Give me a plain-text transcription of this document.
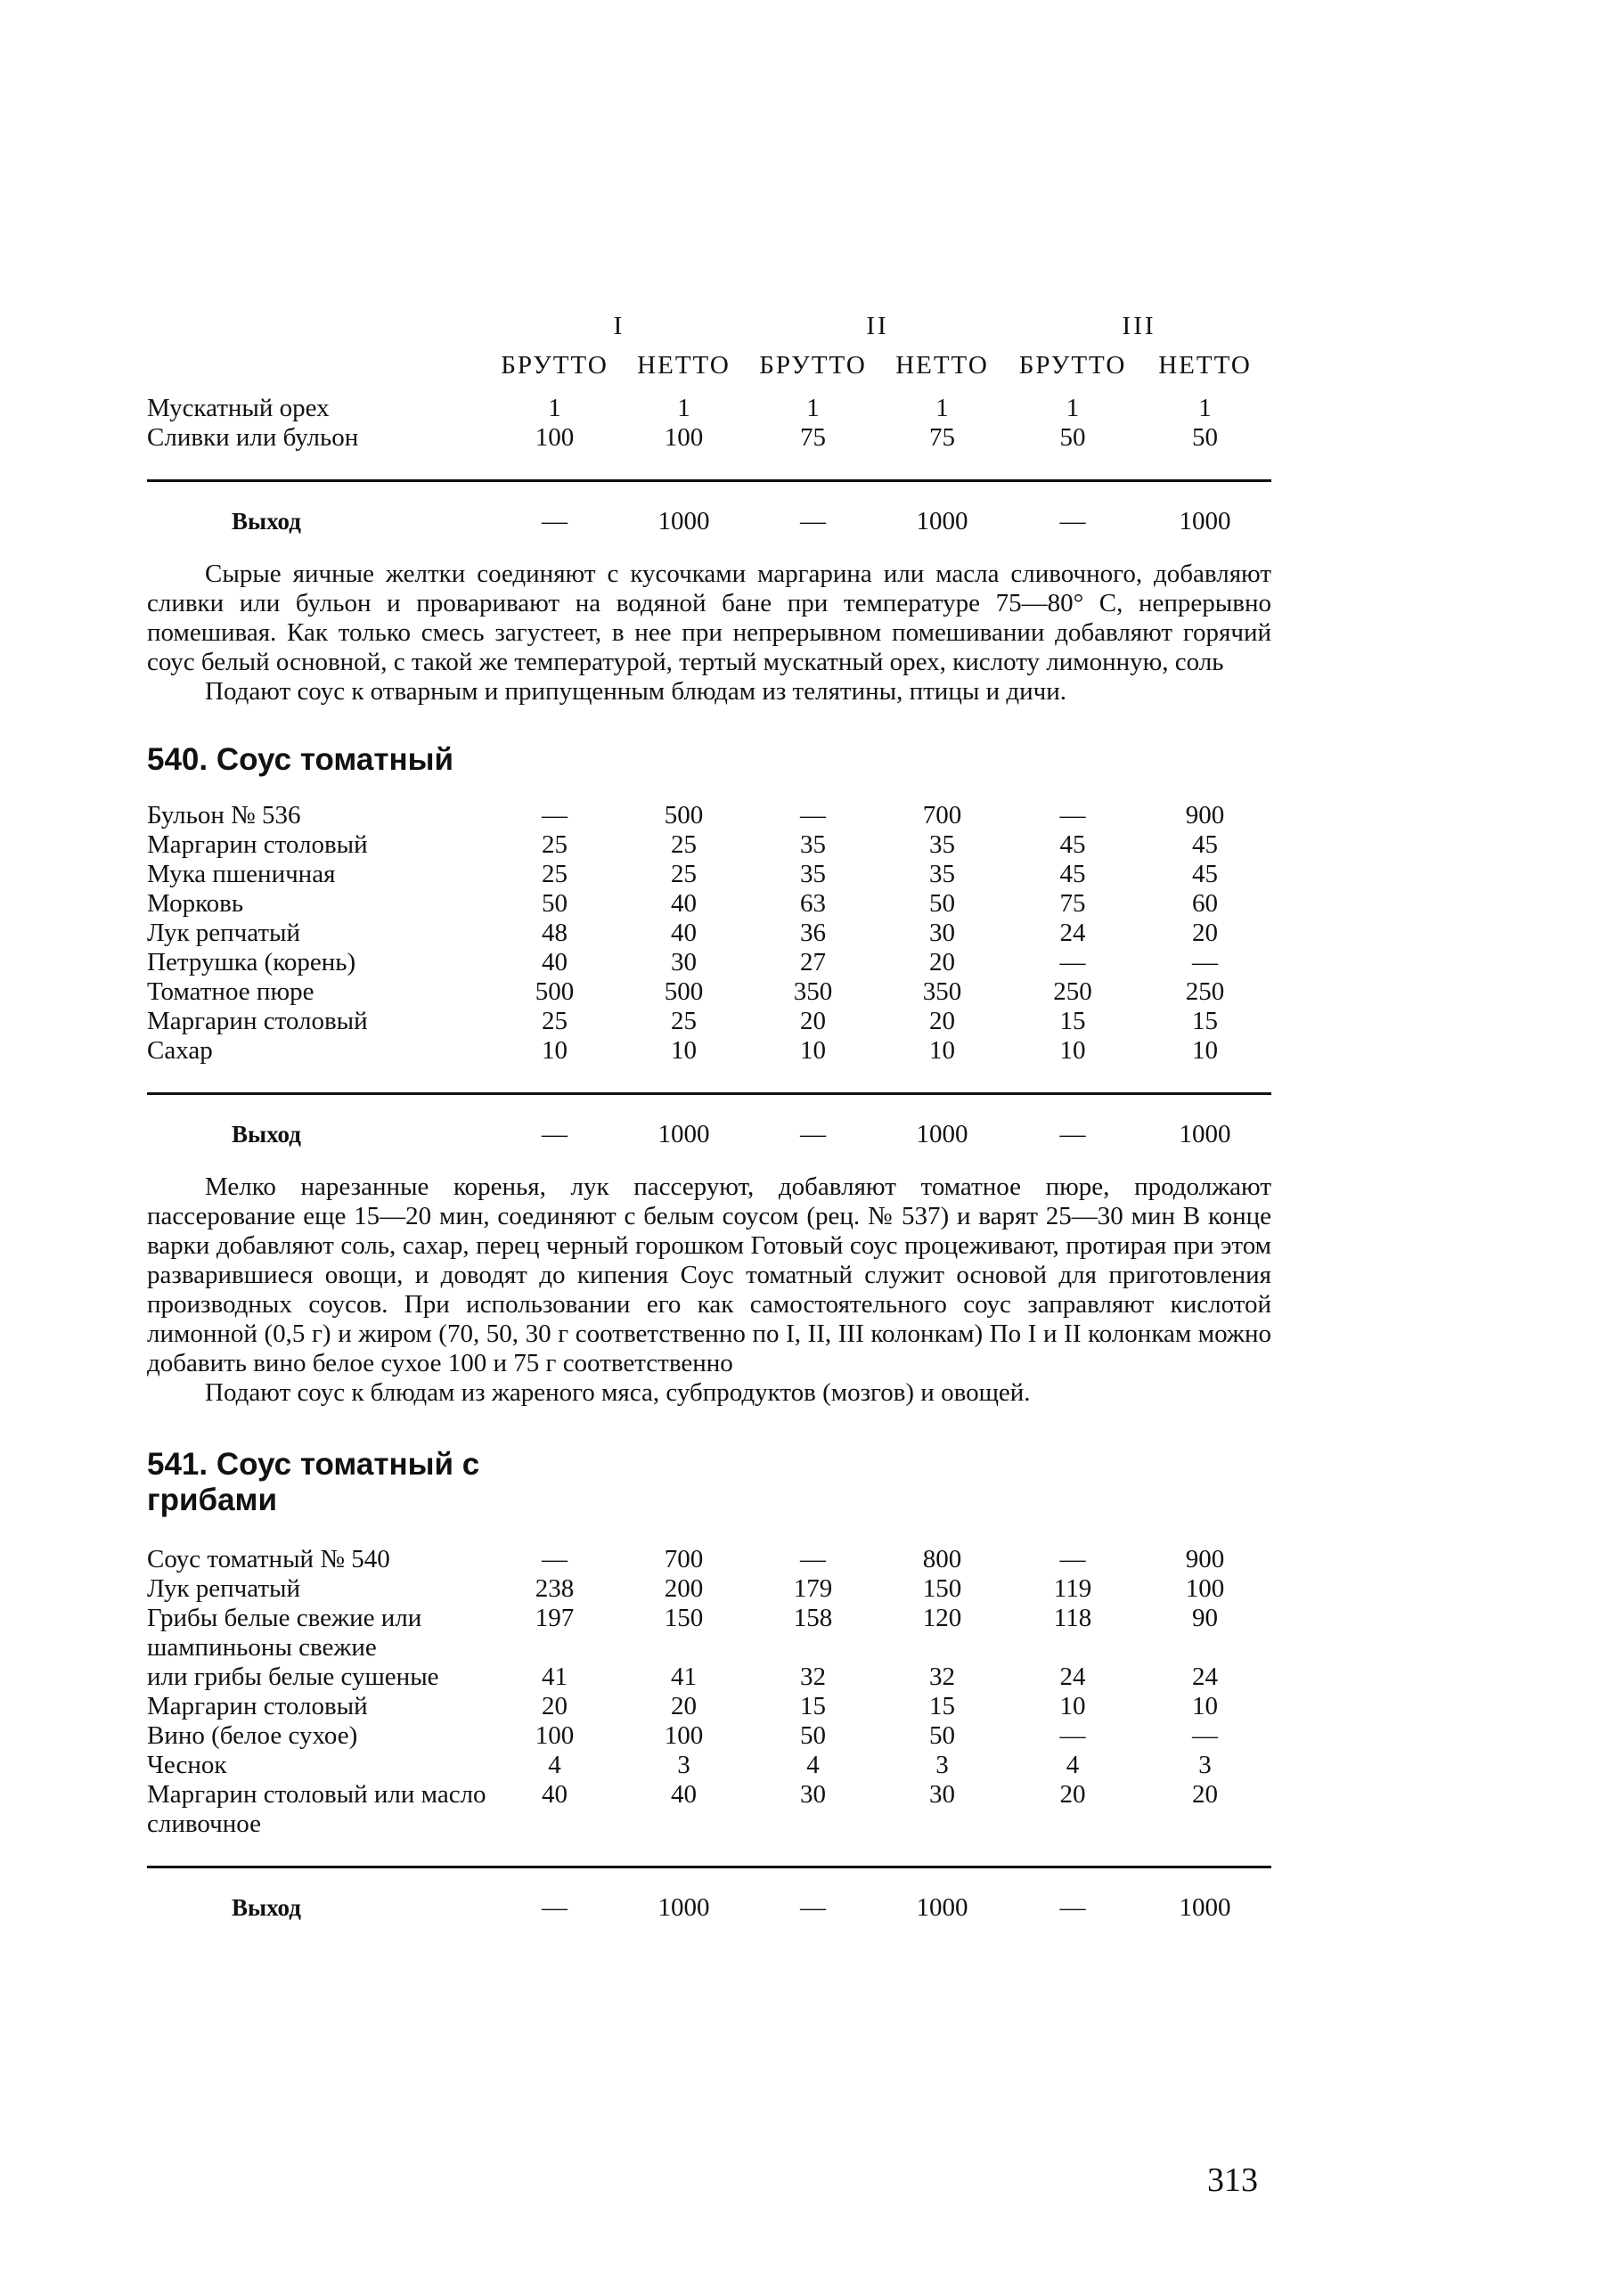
	I		II		III	
	БРУТТО	НЕТТО	БРУТТО	НЕТТО	БРУТТО	НЕТТО
Мускатный орех	1	1	1	1	1	1
Сливки или бульон	100	100	75	75	50	50
Выход	—	1000	—	1000	—	1000

Сырые яичные желтки соединяют с кусочками маргарина или масла сливочного, добавляют сливки или бульон и проваривают на водяной бане при температуре 75—80° С, непрерывно помешивая. Как только смесь загустеет, в нее при непрерывном помешивании добавляют горячий соус белый основной, с такой же температурой, тертый мускатный орех, кислоту лимонную, соль

Подают соус к отварным и припущенным блюдам из телятины, птицы и дичи.

540. Соус томатный
Бульон № 536	—	500	—	700	—	900
Маргарин столовый	25	25	35	35	45	45
Мука пшеничная	25	25	35	35	45	45
Морковь	50	40	63	50	75	60
Лук репчатый	48	40	36	30	24	20
Петрушка (корень)	40	30	27	20	—	—
Томатное пюре	500	500	350	350	250	250
Маргарин столовый	25	25	20	20	15	15
Сахар	10	10	10	10	10	10
Выход	—	1000	—	1000	—	1000

Мелко нарезанные коренья, лук пассеруют, добавляют томатное пюре, продолжают пассерование еще 15—20 мин, соединяют с белым соусом (рец. № 537) и варят 25—30 мин В конце варки добавляют соль, сахар, перец черный горошком Готовый соус процеживают, протирая при этом разварившиеся овощи, и доводят до кипения Соус томатный служит основой для приготовления производных соусов. При использовании его как самостоятельного соус заправляют кислотой лимонной (0,5 г) и жиром (70, 50, 30 г соответственно по I, II, III колонкам) По I и II колонкам можно добавить вино белое сухое 100 и 75 г соответственно

Подают соус к блюдам из жареного мяса, субпродуктов (мозгов) и овощей.

541. Соус томатный с грибами
Соус томатный № 540	—	700	—	800	—	900
Лук репчатый	238	200	179	150	119	100
Грибы белые свежие или шампиньоны свежие	197	150	158	120	118	90
или грибы белые сушеные	41	41	32	32	24	24
Маргарин столовый	20	20	15	15	10	10
Вино (белое сухое)	100	100	50	50	—	—
Чеснок	4	3	4	3	4	3
Маргарин столовый или масло сливочное	40	40	30	30	20	20
Выход	—	1000	—	1000	—	1000
313
